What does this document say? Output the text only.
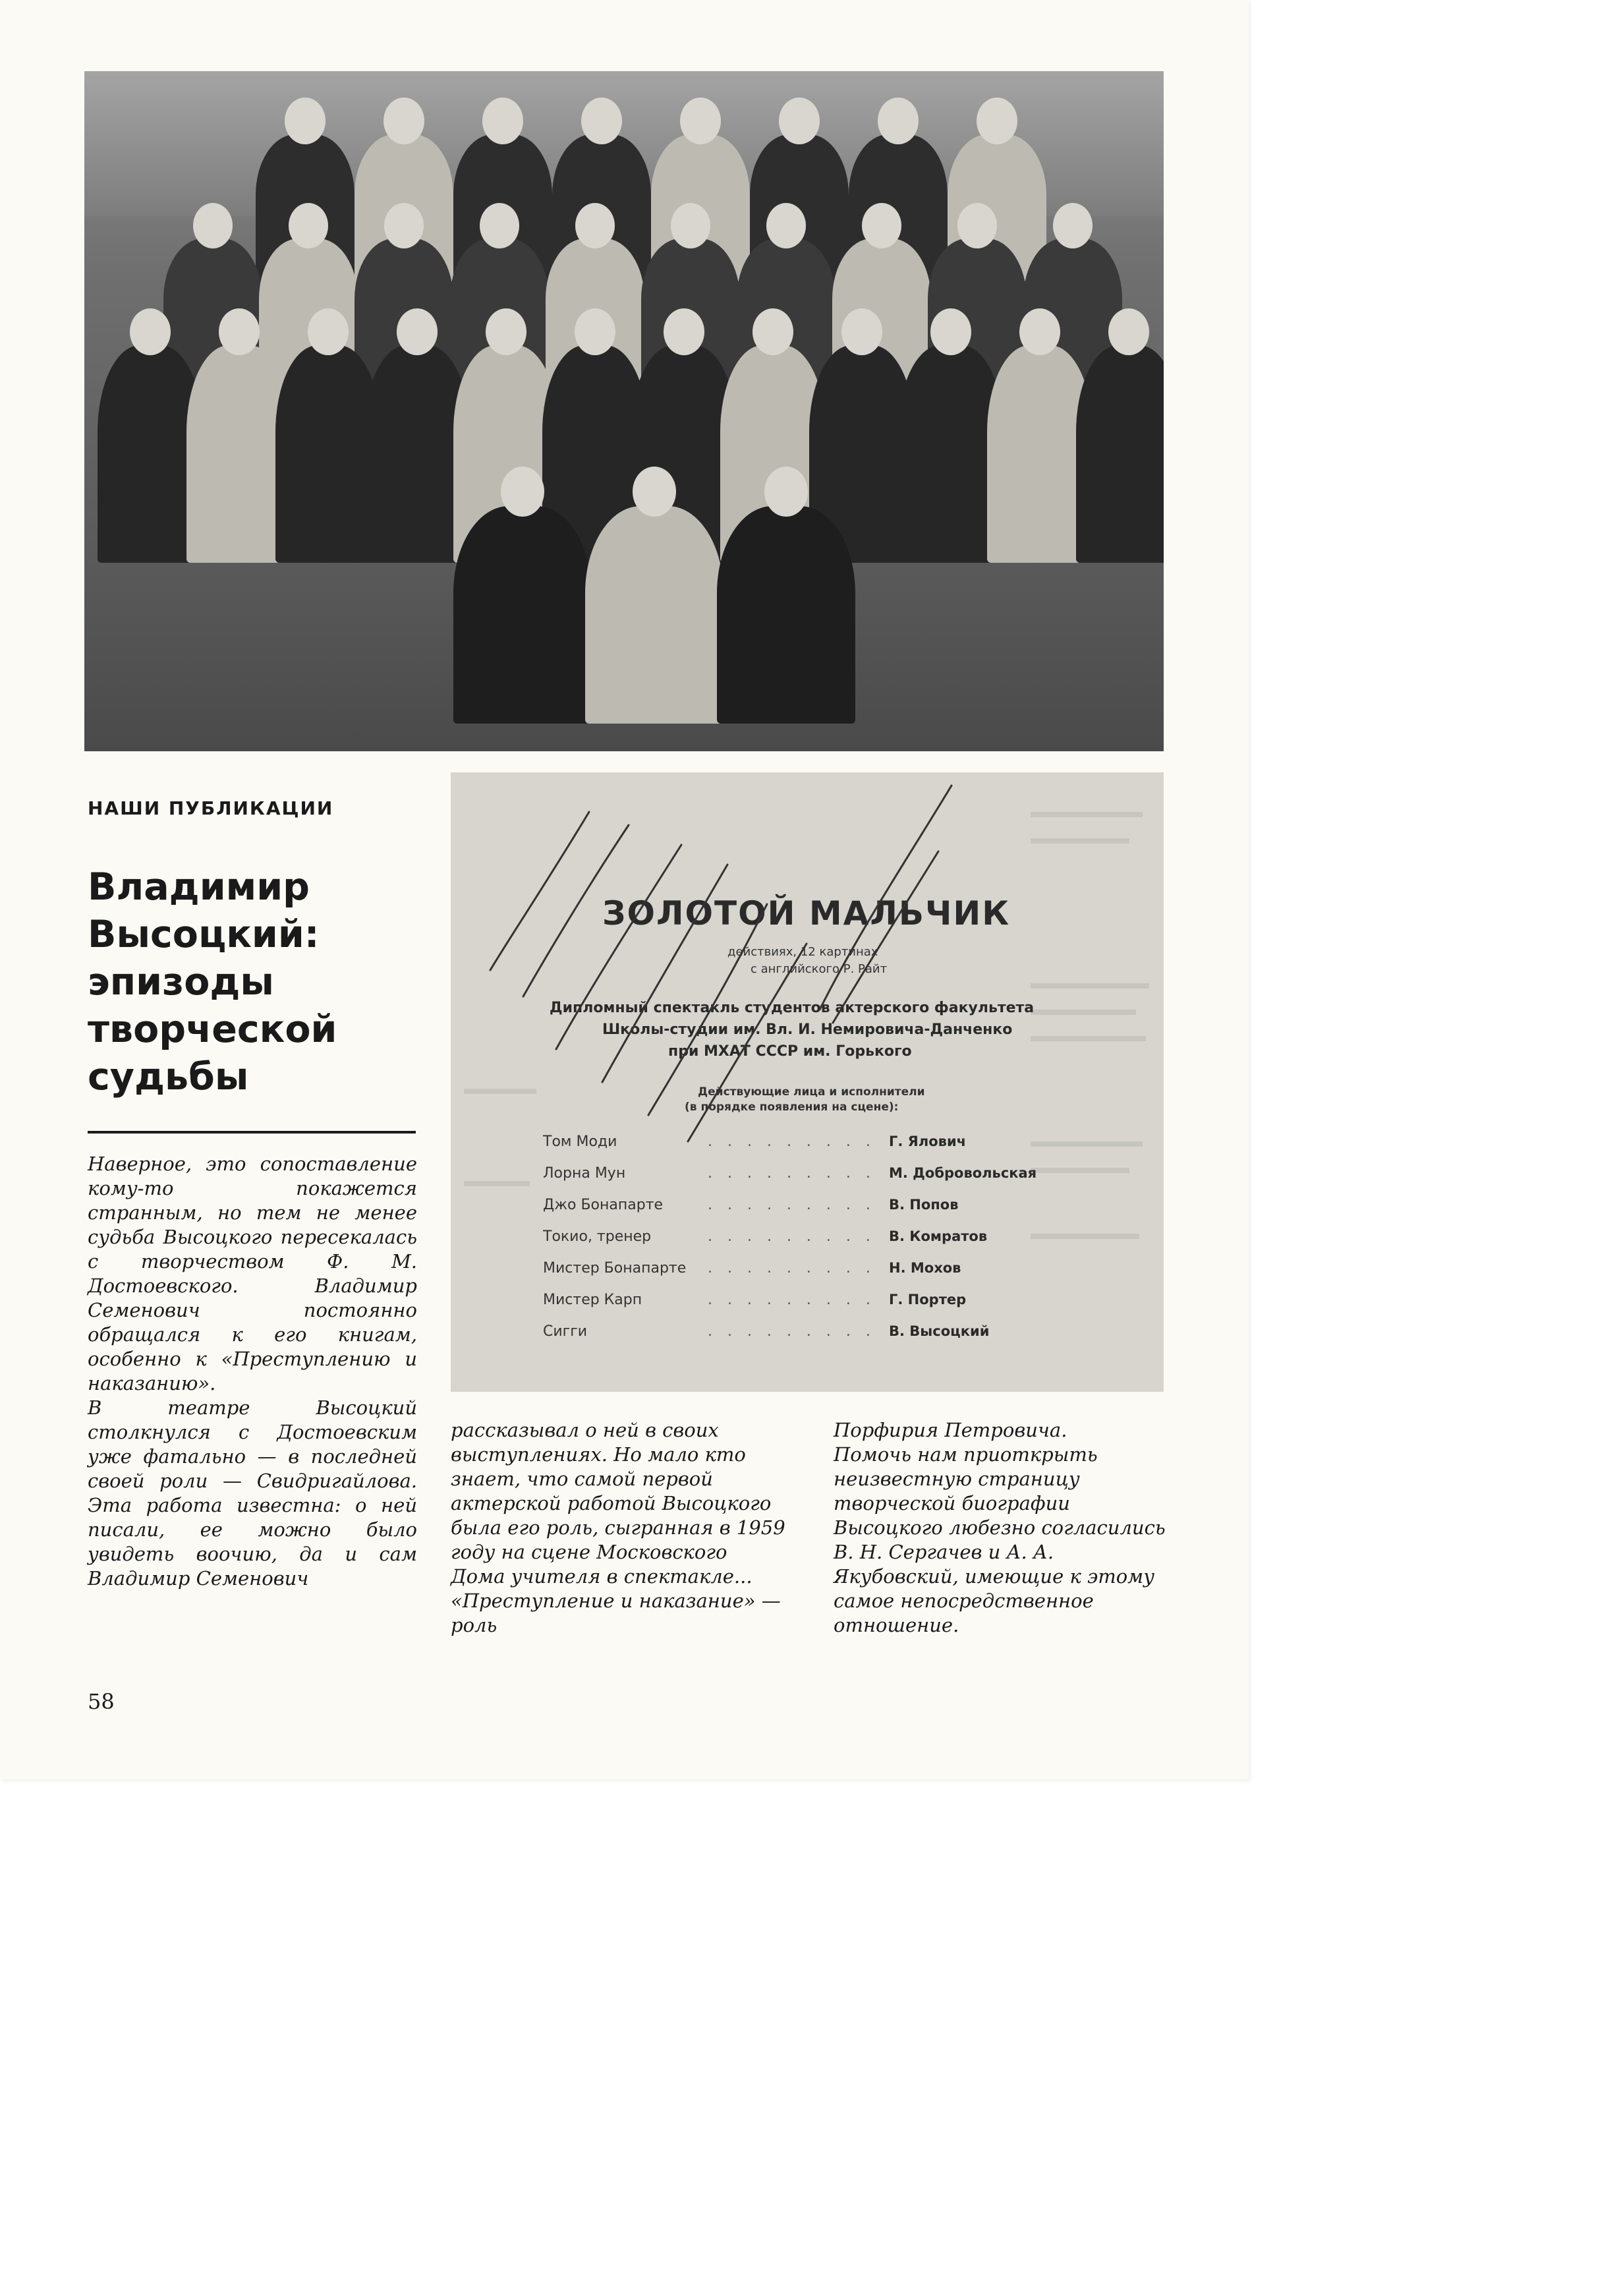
НАШИ ПУБЛИКАЦИИ
Владимир
Высоцкий:
эпизоды
творческой
судьбы
Наверное, это сопоставление кому-то покажется странным, но тем не менее судьба Высоцкого пересекалась с творчеством Ф. М. Достоевского. Владимир Семенович постоянно обращался к его книгам, особенно к «Преступлению и наказанию».
В театре Высоцкий столкнулся с Достоевским уже фатально — в последней своей роли — Свидригайлова. Эта работа известна: о ней писали, ее можно было увидеть воочию, да и сам Владимир Семенович
рассказывал о ней в своих выступлениях. Но мало кто знает, что самой первой актерской работой Высоцкого была его роль, сыгранная в 1959 году на сцене Московского Дома учителя в спектакле... «Преступление и наказание» — роль
Порфирия Петровича.
Помочь нам приоткрыть неизвестную страницу творческой биографии Высоцкого любезно согласились В. Н. Сергачев и А. А. Якубовский, имеющие к этому самое непосредственное отношение.
58
ЗОЛОТОЙ МАЛЬЧИК
действиях, 12 картинах
с английского Р. Райт
Дипломный спектакль студентов актерского факультета
Школы-студии им. Вл. И. Немировича-Данченко
при МХАТ СССР им. Горького
Действующие лица и исполнители
(в порядке появления на сцене):
Том Моди	. . . . . . . . . Г. Ялович
Лорна Мун	. . . . . . . . . М. Добровольская
Джо Бонапарте	. . . . . . . . . В. Попов
Токио, тренер	. . . . . . . . . В. Комратов
Мистер Бонапарте . . . . . . . . . Н. Мохов
Мистер Карп	. . . . . . . . . Г. Портер
Сигги	. . . . . . . . . В. Высоцкий
